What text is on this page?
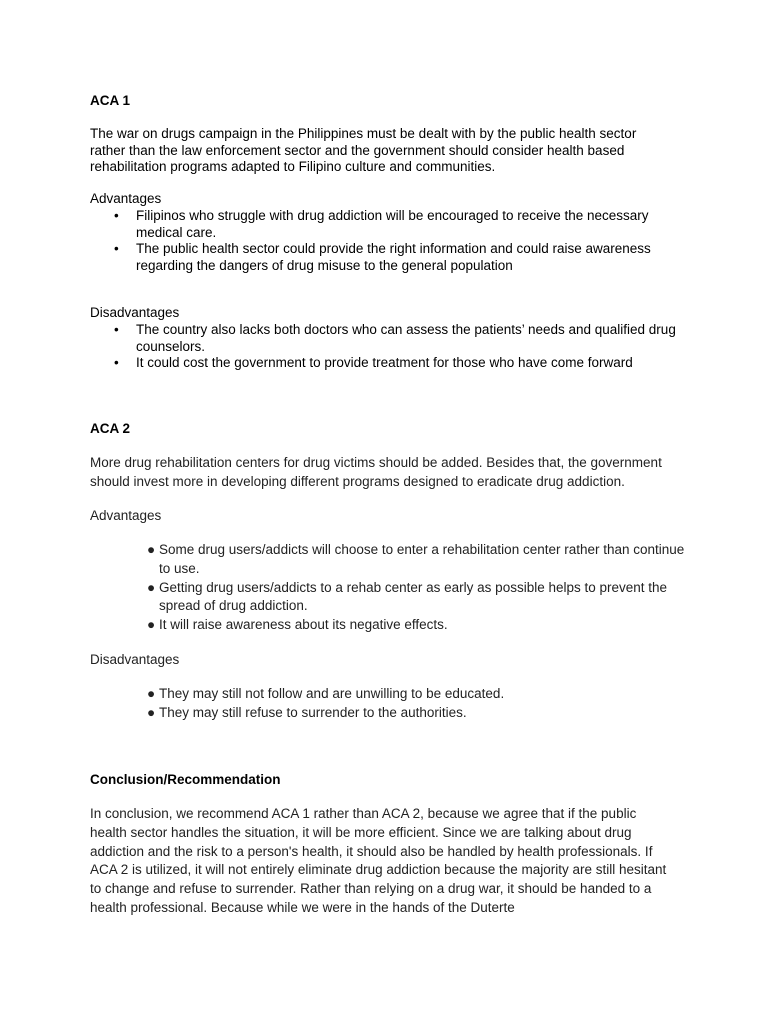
ACA 1
The war on drugs campaign in the Philippines must be dealt with by the public health sector rather than the law enforcement sector and the government should consider health based rehabilitation programs adapted to Filipino culture and communities.
Advantages
• Filipinos who struggle with drug addiction will be encouraged to receive the necessary medical care.
• The public health sector could provide the right information and could raise awareness regarding the dangers of drug misuse to the general population
Disadvantages
• The country also lacks both doctors who can assess the patients’ needs and qualified drug counselors.
• It could cost the government to provide treatment for those who have come forward
ACA 2
More drug rehabilitation centers for drug victims should be added. Besides that, the government should invest more in developing different programs designed to eradicate drug addiction.
Advantages
● Some drug users/addicts will choose to enter a rehabilitation center rather than continue to use.
● Getting drug users/addicts to a rehab center as early as possible helps to prevent the spread of drug addiction.
● It will raise awareness about its negative effects.
Disadvantages
● They may still not follow and are unwilling to be educated.
● They may still refuse to surrender to the authorities.
Conclusion/Recommendation
In conclusion, we recommend ACA 1 rather than ACA 2, because we agree that if the public health sector handles the situation, it will be more efficient. Since we are talking about drug addiction and the risk to a person's health, it should also be handled by health professionals. If ACA 2 is utilized, it will not entirely eliminate drug addiction because the majority are still hesitant to change and refuse to surrender. Rather than relying on a drug war, it should be handed to a health professional. Because while we were in the hands of the Duterte
